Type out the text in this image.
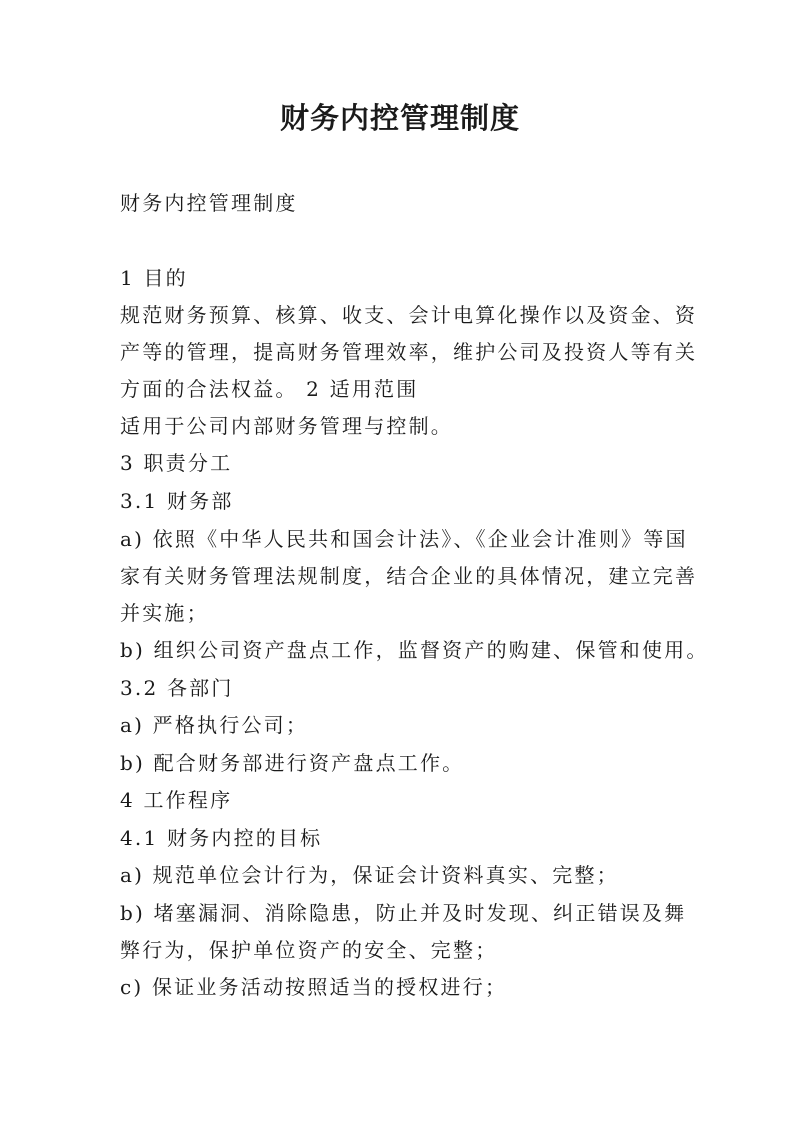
财务内控管理制度
财务内控管理制度
1 目的
规范财务预算、核算、收支、会计电算化操作以及资金、资
产等的管理，提高财务管理效率，维护公司及投资人等有关
方面的合法权益。 2 适用范围
适用于公司内部财务管理与控制。
3 职责分工
3.1 财务部
a) 依照《中华人民共和国会计法》、《企业会计准则》等国
家有关财务管理法规制度，结合企业的具体情况，建立完善
并实施；
b) 组织公司资产盘点工作，监督资产的购建、保管和使用。
3.2 各部门
a) 严格执行公司；
b) 配合财务部进行资产盘点工作。
4 工作程序
4.1 财务内控的目标
a) 规范单位会计行为，保证会计资料真实、完整；
b) 堵塞漏洞、消除隐患，防止并及时发现、纠正错误及舞
弊行为，保护单位资产的安全、完整；
c) 保证业务活动按照适当的授权进行；
